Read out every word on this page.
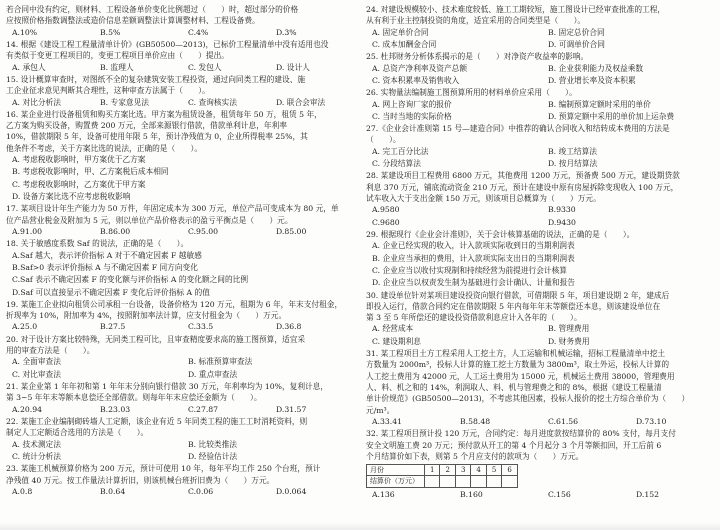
若合同中没有约定，则材料、工程设备单价变化比例超过（　　）时，超过部分的价格
应按照价格指数调整法或造价信息差额调整法计算调整材料、工程设备费。
A.10%	B.5%	C.4%	D.3%
14. 根据《建设工程工程量清单计价》(GB50500—2013)，已标价工程量清单中没有适用也没
有类似于变更工程项目的，变更工程项目单价应由（　　）提出。
A. 承包人	B. 监理人	C. 发包人	D. 设计人
15. 设计概算审查时，对图纸不全的复杂建筑安装工程投资，通过向同类工程的建设、施
工企业征求意见判断其合理性，这种审查方法属于（　　）。
A. 对比分析法	B. 专家意见法	C. 查询核实法	D. 联合会审法
16. 某企业进行设备租赁和购买方案比选。甲方案为租赁设备，租赁每年 50 万，租赁 5 年，
乙方案为购买设备，购置费 200 万元，全部来源银行借款，借款单利计息，年利率
10%，借款期限 5 年，设备可使用年限 5 年，预计净残值为 0，企业所得税率 25%，其
他条件不考虑，关于方案比选的说法，正确的是（　　）。
A. 考虑税收影响时，甲方案优于乙方案
B. 考虑税收影响时，甲、乙方案税后成本相同
C. 考虑税收影响时，乙方案优于甲方案
D. 设备方案比选不应考虑税收影响
17. 某项目设计年生产能力为 50 万件，年固定成本为 300 万元，单位产品可变成本为 80 元，单
位产品营业税金及附加为 5 元，则以单位产品价格表示的盈亏平衡点是（　　）元。
A.91.00	B.86.00	C.95.00	D.85.00
18. 关于敏感度系数 Saf 的说法，正确的是（　　）。
A.Saf 越大，表示评价指标 A 对于不确定因素 F 越敏感
B.Saf>0 表示评价指标 A 与不确定因素 F 同方向变化
C.Saf 表示不确定因素 F 的变化额与评价指标 A 的变化额之间的比例
D.Saf 可以直接显示不确定因素 F 变化后评价指标 A 的值
19. 某施工企业拟向租赁公司承租一台设备，设备价格为 120 万元，租期为 6 年，年末支付租金，
折现率为 10%，附加率为 4%，按照附加率法计算，应支付租金为（　　）万元。
A.25.0	B.27.5	C.33.5	D.36.8
20. 对于设计方案比较特殊，无同类工程可比，且审查精度要求高的施工图预算，适宜采
用的审查方法是（　　）。
A. 全面审查法	B. 标准预算审查法
C. 对比审查法	D. 重点审查法
21. 某企业第 1 年年初和第 1 年年末分别向银行借款 30 万元，年利率均为 10%，复利计息，
第 3~5 年年末等额本息偿还全部借款。则每年年末应偿还金额为（　　）。
A.20.94	B.23.03	C.27.87	D.31.57
22. 某施工企业编制砌砖墙人工定额，该企业有近 5 年同类工程的施工工时消耗资料，则
制定人工定额适合选用的方法是（　　）。
A. 技术测定法	B. 比较类推法
C. 统计分析法	D. 经验估计法
23. 某施工机械预算价格为 200 万元，预计可使用 10 年，每年平均工作 250 个台班，预计
净残值 40 万元。按工作量法计算折旧，则该机械台班折旧费为（　　）万元。
A.0.8	B.0.64	C.0.06	D.0.064
24. 对建设规模较小、技术难度较低、施工工期较短，施工图设计已经审查批准的工程，
从有利于业主控制投资的角度，适宜采用的合同类型是（　　）。
A. 固定单价合同	B. 固定总价合同
C. 成本加酬金合同	D. 可调单价合同
25. 杜邦财务分析体系揭示的是（　　）对净资产收益率的影响。
A. 总资产净利率及资产总额	B. 企业获利能力及权益乘数
C. 资本积累率及销售收入	D. 营业增长率及资本积累
26. 实物量法编制施工图预算所用的材料单价应采用（　　）。
A. 网上咨询厂家的报价	B. 编制预算定额时采用的单价
C. 当时当地的实际价格	D. 预算定额中采用的单价加上运杂费
27.《企业会计准则第 15 号—建造合同》中推荐的确认合同收入和结转成本费用的方法是
（　　）。
A. 完工百分比法	B. 竣工结算法
C. 分段结算法	D. 按月结算法
28. 某建设项目工程费用 6800 万元，其他费用 1200 万元，预备费 500 万元，建设期贷款
利息 370 万元，铺底流动资金 210 万元，预计在建设中原有房屋拆除变现收入 100 万元，
试车收入大于支出金额 150 万元，则该项目总概算为（　　）万元。
A.9580	B.9330
C.9680	D.9430
29. 根据现行《企业会计准则》，关于会计核算基础的说法，正确的是（　　）。
A. 企业已经实现的收入，计入款项实际收到日的当期利润表
B. 企业应当承担的费用，计入款项实际支出日的当期利润表
C. 企业应当以收付实现制和持续经营为前提进行会计核算
D. 企业应当以权责发生制为基础进行会计确认、计量和报告
30. 建设单位针对某项目建设投资向银行借款，可借期限 5 年，项目建设期 2 年，建成后
即投入运行，借款合同约定在借款期限 5 年内每年年末等额偿还本息，则该建设单位在
第 3 至 5 年所偿还的建设投资借款利息应计入各年的（　　）。
A. 经营成本	B. 管理费用
C. 建设期利息	D. 财务费用
31. 某工程项目土方工程采用人工挖土方，人工运输和机械运输，招标工程量清单中挖土
方数量为 2000m³，投标人计算的施工挖土方数量为 3800m³，取土外运，投标人计算的
人工挖土费用为 42000 元，人工运土费用为 15000 元，机械运土费用 38000，管理费用
人、料、机之和的 14%，利润取人、料、机与管理费之和的 8%，根据《建设工程量清
单计价规范》(GB50500—2013)，不考虑其他因素，投标人报价的挖土方综合单价为（　　）
元/m³。
A.33.41	B.58.48	C.61.56	D.73.10
32. 某工程项目预计投 120 万元，合同约定：每月进度款按结算价的 80% 支付，每月支付
安全文明施工费 20 万元；预付款从开工的第 4 个月起分 3 个月等额扣回，开工后前 6
个月结算价如下表，则第 5 个月应支付的款项为（　　）万元。
月份	1	2	3	4	5	6
结算价（万元）						
A.136	B.160	C.156	D.152
